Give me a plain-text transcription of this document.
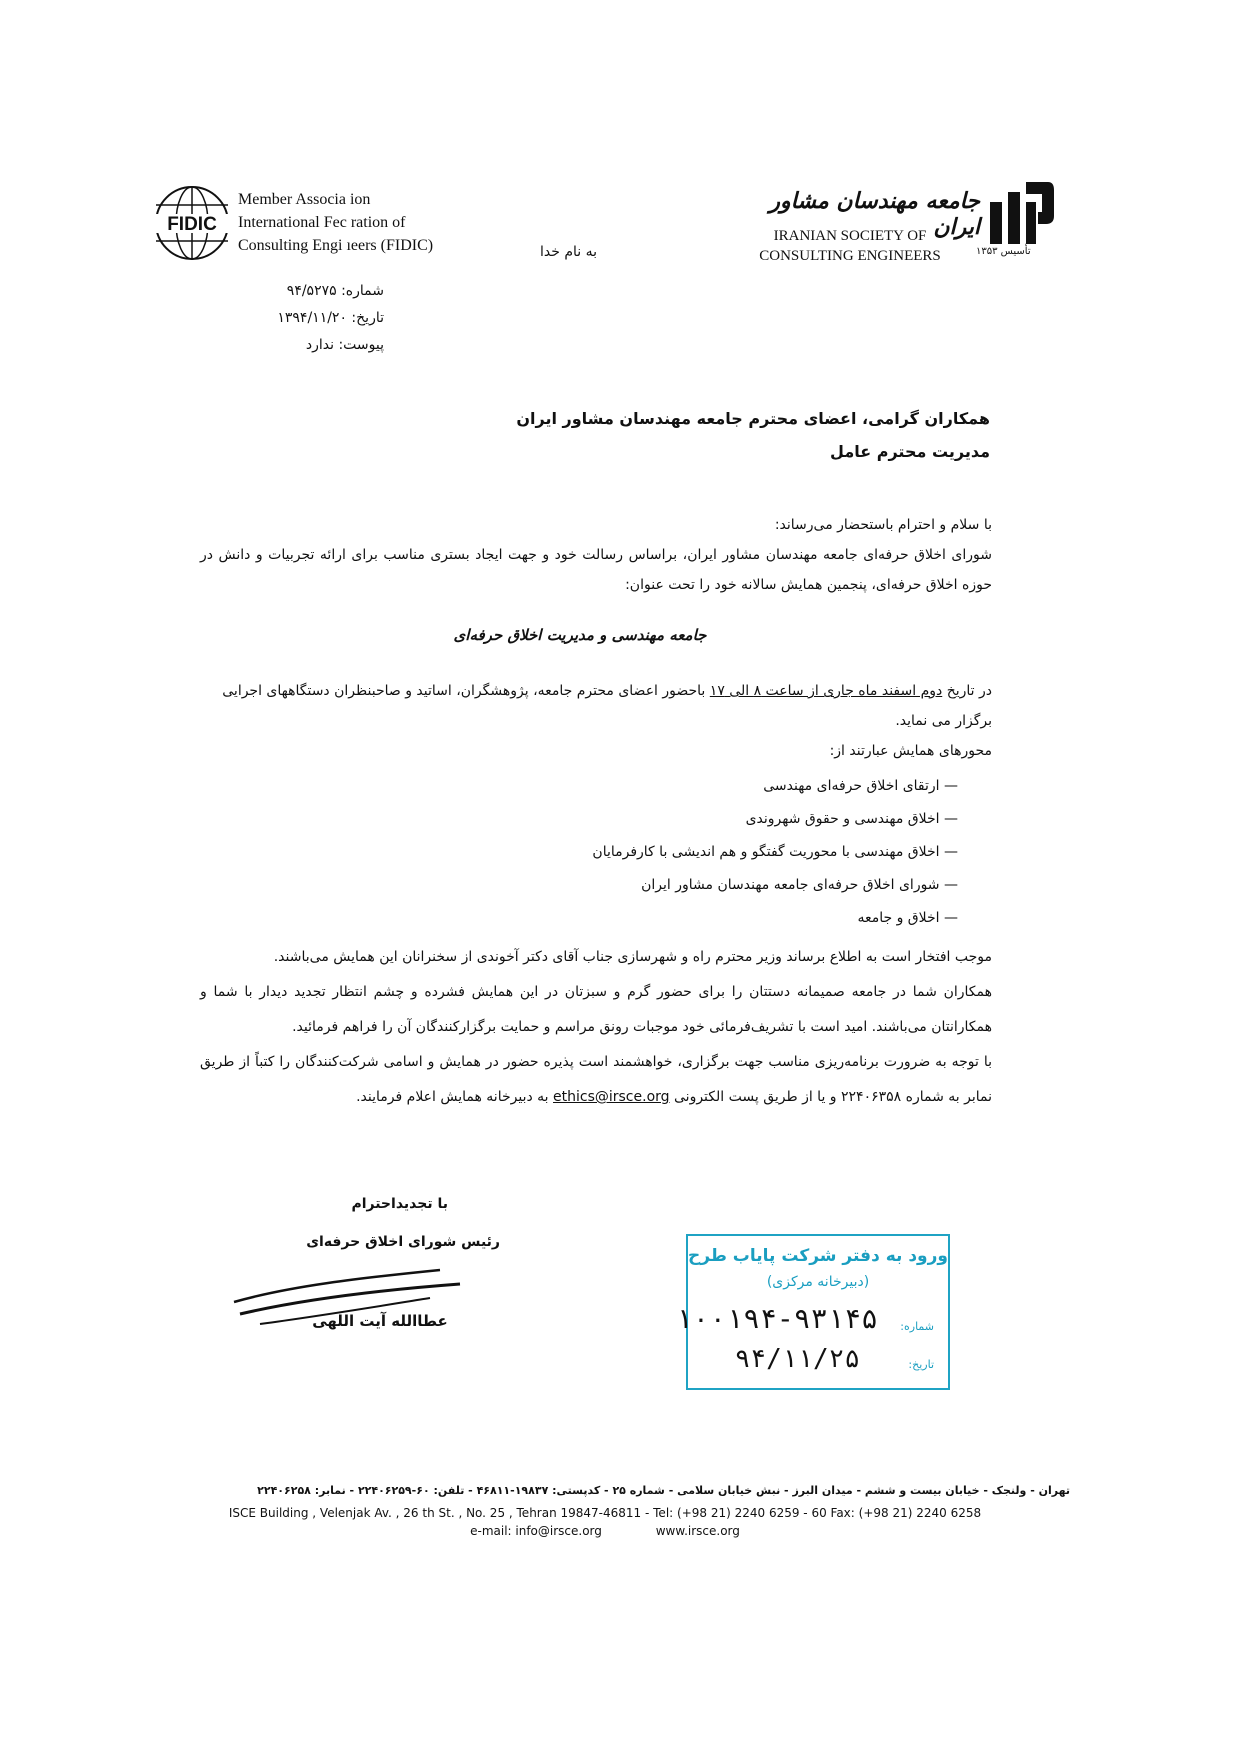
FIDIC
Member Associa ion
International Fec ration of
Consulting Engi ıeers (FIDIC)	تأسیس ۱۳۵۳
جامعه مهندسان مشاور ایران
IRANIAN SOCIETY OF
CONSULTING ENGINEERS
به نام خدا
شماره: ۹۴/۵۲۷۵
تاریخ: ۱۳۹۴/۱۱/۲۰
پیوست: ندارد
همکاران گرامی، اعضای محترم جامعه مهندسان مشاور ایران
مدیریت محترم عامل
با سلام و احترام باستحضار می‌رساند:
شورای اخلاق حرفه‌ای جامعه مهندسان مشاور ایران، براساس رسالت خود و جهت ایجاد بستری مناسب برای ارائه تجربیات و دانش در حوزه اخلاق حرفه‌ای، پنجمین همایش سالانه خود را تحت عنوان:
جامعه مهندسی و مدیریت اخلاق حرفه‌ای
در تاریخ دوم اسفند ماه جاری از ساعت ۸ الی ۱۷ باحضور اعضای محترم جامعه، پژوهشگران، اساتید و صاحبنظران دستگاههای اجرایی برگزار می نماید.
محورهای همایش عبارتند از:
— ارتقای اخلاق حرفه‌ای مهندسی
— اخلاق مهندسی و حقوق شهروندی
— اخلاق مهندسی با محوریت گفتگو و هم اندیشی با کارفرمایان
— شورای اخلاق حرفه‌ای جامعه مهندسان مشاور ایران
— اخلاق و جامعه
موجب افتخار است به اطلاع برساند وزیر محترم راه و شهرسازی جناب آقای دکتر آخوندی از سخنرانان این همایش می‌باشند.
همکاران شما در جامعه صمیمانه دستتان را برای حضور گرم و سبزتان در این همایش فشرده و چشم انتظار تجدید دیدار با شما و همکارانتان می‌باشند. امید است با تشریف‌فرمائی خود موجبات رونق مراسم و حمایت برگزارکنندگان آن را فراهم فرمائید.
با توجه به ضرورت برنامه‌ریزی مناسب جهت برگزاری، خواهشمند است پذیره حضور در همایش و اسامی شرکت‌کنندگان را کتباً از طریق نمابر به شماره ۲۲۴۰۶۳۵۸ و یا از طریق پست الکترونی ethics@irsce.org به دبیرخانه همایش اعلام فرمایند.
با تجدیداحترام
رئیس شورای اخلاق حرفه‌ای
عطاالله آیت اللهی
ورود به دفتر شرکت پایاب طرح
(دبیرخانه مرکزی)
شماره:
۱۰۰۱۹۴-۹۳۱۴۵
تاریخ:
۹۴/۱۱/۲۵
تهران - ولنجک - خیابان بیست و ششم - میدان البرز - نبش خیابان سلامی - شماره ۲۵ - کدپستی: ۱۹۸۳۷-۴۶۸۱۱ - تلفن: ۶۰-۲۲۴۰۶۲۵۹ - نمابر: ۲۲۴۰۶۲۵۸
ISCE Building , Velenjak Av. , 26 th St. , No. 25 , Tehran 19847-46811 - Tel: (+98 21) 2240 6259 - 60 Fax: (+98 21) 2240 6258
e-mail: info@irsce.org	www.irsce.org
